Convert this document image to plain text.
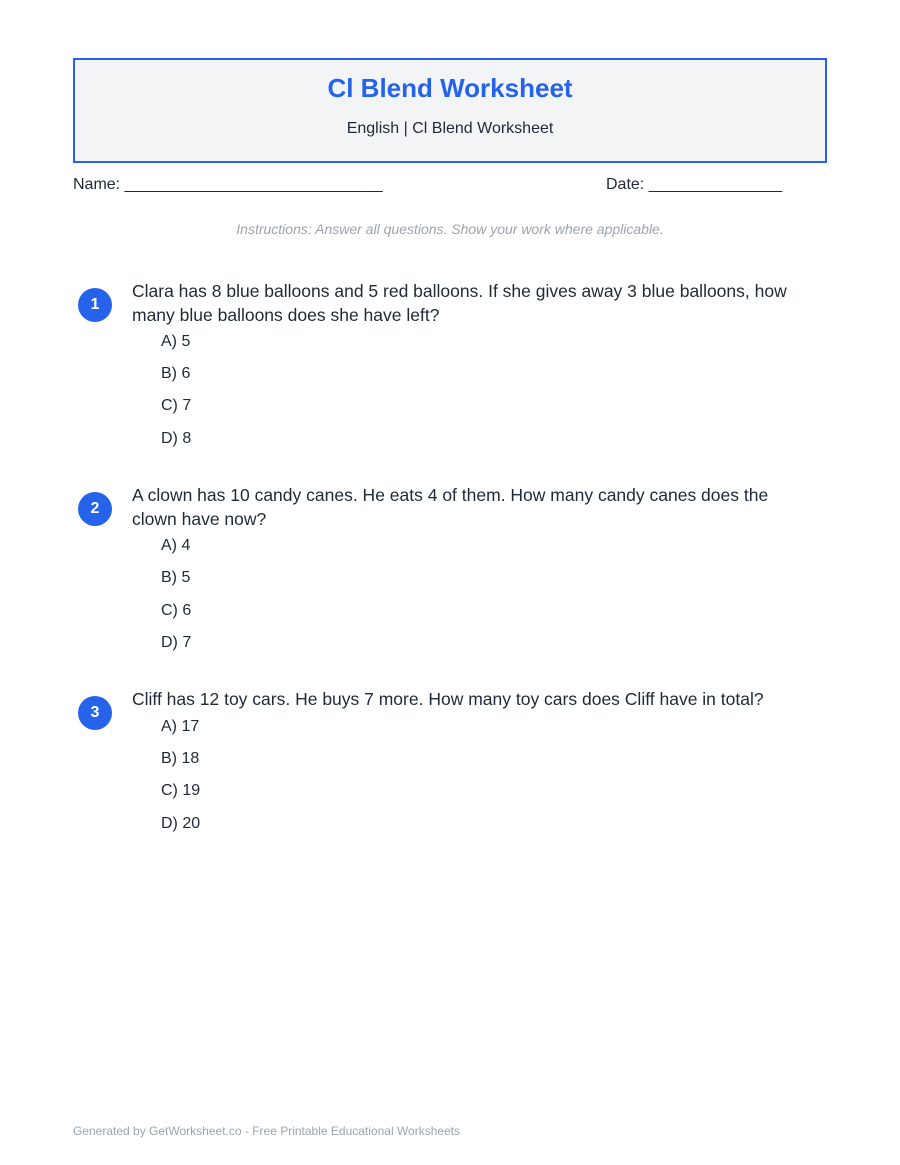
Cl Blend Worksheet
English | Cl Blend Worksheet
Name: _____________________________	Date: _______________
Instructions: Answer all questions. Show your work where applicable.
1
Clara has 8 blue balloons and 5 red balloons. If she gives away 3 blue balloons, how many blue balloons does she have left?
A) 5
B) 6
C) 7
D) 8
2
A clown has 10 candy canes. He eats 4 of them. How many candy canes does the clown have now?
A) 4
B) 5
C) 6
D) 7
3
Cliff has 12 toy cars. He buys 7 more. How many toy cars does Cliff have in total?
A) 17
B) 18
C) 19
D) 20
Generated by GetWorksheet.co - Free Printable Educational Worksheets
